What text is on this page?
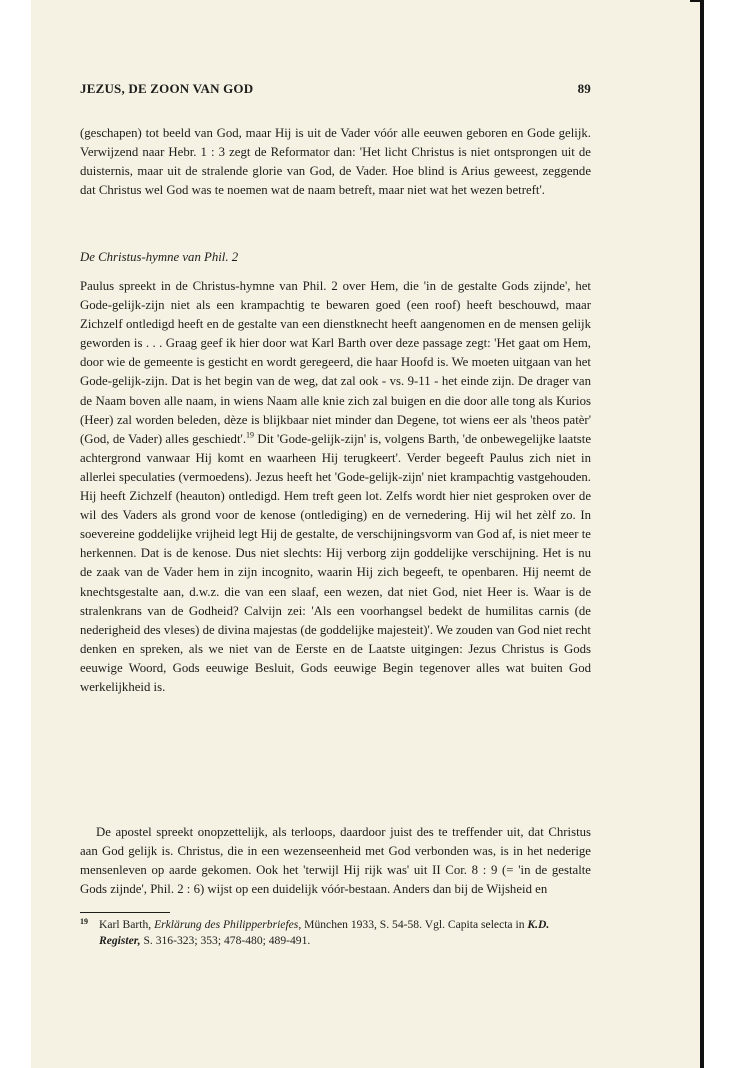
JEZUS, DE ZOON VAN GOD	89
(geschapen) tot beeld van God, maar Hij is uit de Vader vóór alle eeuwen geboren en Gode gelijk. Verwijzend naar Hebr. 1 : 3 zegt de Reformator dan: 'Het licht Christus is niet ontsprongen uit de duisternis, maar uit de stralende glorie van God, de Vader. Hoe blind is Arius geweest, zeggende dat Christus wel God was te noemen wat de naam betreft, maar niet wat het wezen betreft'.
De Christus-hymne van Phil. 2
Paulus spreekt in de Christus-hymne van Phil. 2 over Hem, die 'in de gestalte Gods zijnde', het Gode-gelijk-zijn niet als een krampachtig te bewaren goed (een roof) heeft beschouwd, maar Zichzelf ontledigd heeft en de gestalte van een dienstknecht heeft aangenomen en de mensen gelijk geworden is . . . Graag geef ik hier door wat Karl Barth over deze passage zegt: 'Het gaat om Hem, door wie de gemeente is gesticht en wordt geregeerd, die haar Hoofd is. We moeten uitgaan van het Gode-gelijk-zijn. Dat is het begin van de weg, dat zal ook - vs. 9-11 - het einde zijn. De drager van de Naam boven alle naam, in wiens Naam alle knie zich zal buigen en die door alle tong als Kurios (Heer) zal worden beleden, dèze is blijkbaar niet minder dan Degene, tot wiens eer als 'theos patèr' (God, de Vader) alles geschiedt'.$^{19}$ Dit 'Gode-gelijk-zijn' is, volgens Barth, 'de onbewegelijke laatste achtergrond vanwaar Hij komt en waarheen Hij terugkeert'. Verder begeeft Paulus zich niet in allerlei speculaties (vermoedens). Jezus heeft het 'Gode-gelijk-zijn' niet krampachtig vastgehouden. Hij heeft Zichzelf (heauton) ontledigd. Hem treft geen lot. Zelfs wordt hier niet gesproken over de wil des Vaders als grond voor de kenose (ontlediging) en de vernedering. Hij wil het zèlf zo. In soevereine goddelijke vrijheid legt Hij de gestalte, de verschijningsvorm van God af, is niet meer te herkennen. Dat is de kenose. Dus niet slechts: Hij verborg zijn goddelijke verschijning. Het is nu de zaak van de Vader hem in zijn incognito, waarin Hij zich begeeft, te openbaren. Hij neemt de knechtsgestalte aan, d.w.z. die van een slaaf, een wezen, dat niet God, niet Heer is. Waar is de stralenkrans van de Godheid? Calvijn zei: 'Als een voorhangsel bedekt de humilitas carnis (de nederigheid des vleses) de divina majestas (de goddelijke majesteit)'. We zouden van God niet recht denken en spreken, als we niet van de Eerste en de Laatste uitgingen: Jezus Christus is Gods eeuwige Woord, Gods eeuwige Besluit, Gods eeuwige Begin tegenover alles wat buiten God werkelijkheid is.
De apostel spreekt onopzettelijk, als terloops, daardoor juist des te treffender uit, dat Christus aan God gelijk is. Christus, die in een wezenseenheid met God verbonden was, is in het nederige mensenleven op aarde gekomen. Ook het 'terwijl Hij rijk was' uit II Cor. 8 : 9 (= 'in de gestalte Gods zijnde', Phil. 2 : 6) wijst op een duidelijk vóór-bestaan. Anders dan bij de Wijsheid en
19 Karl Barth, Erklärung des Philipperbriefes, München 1933, S. 54-58. Vgl. Capita selecta in K.D. Register, S. 316-323; 353; 478-480; 489-491.
